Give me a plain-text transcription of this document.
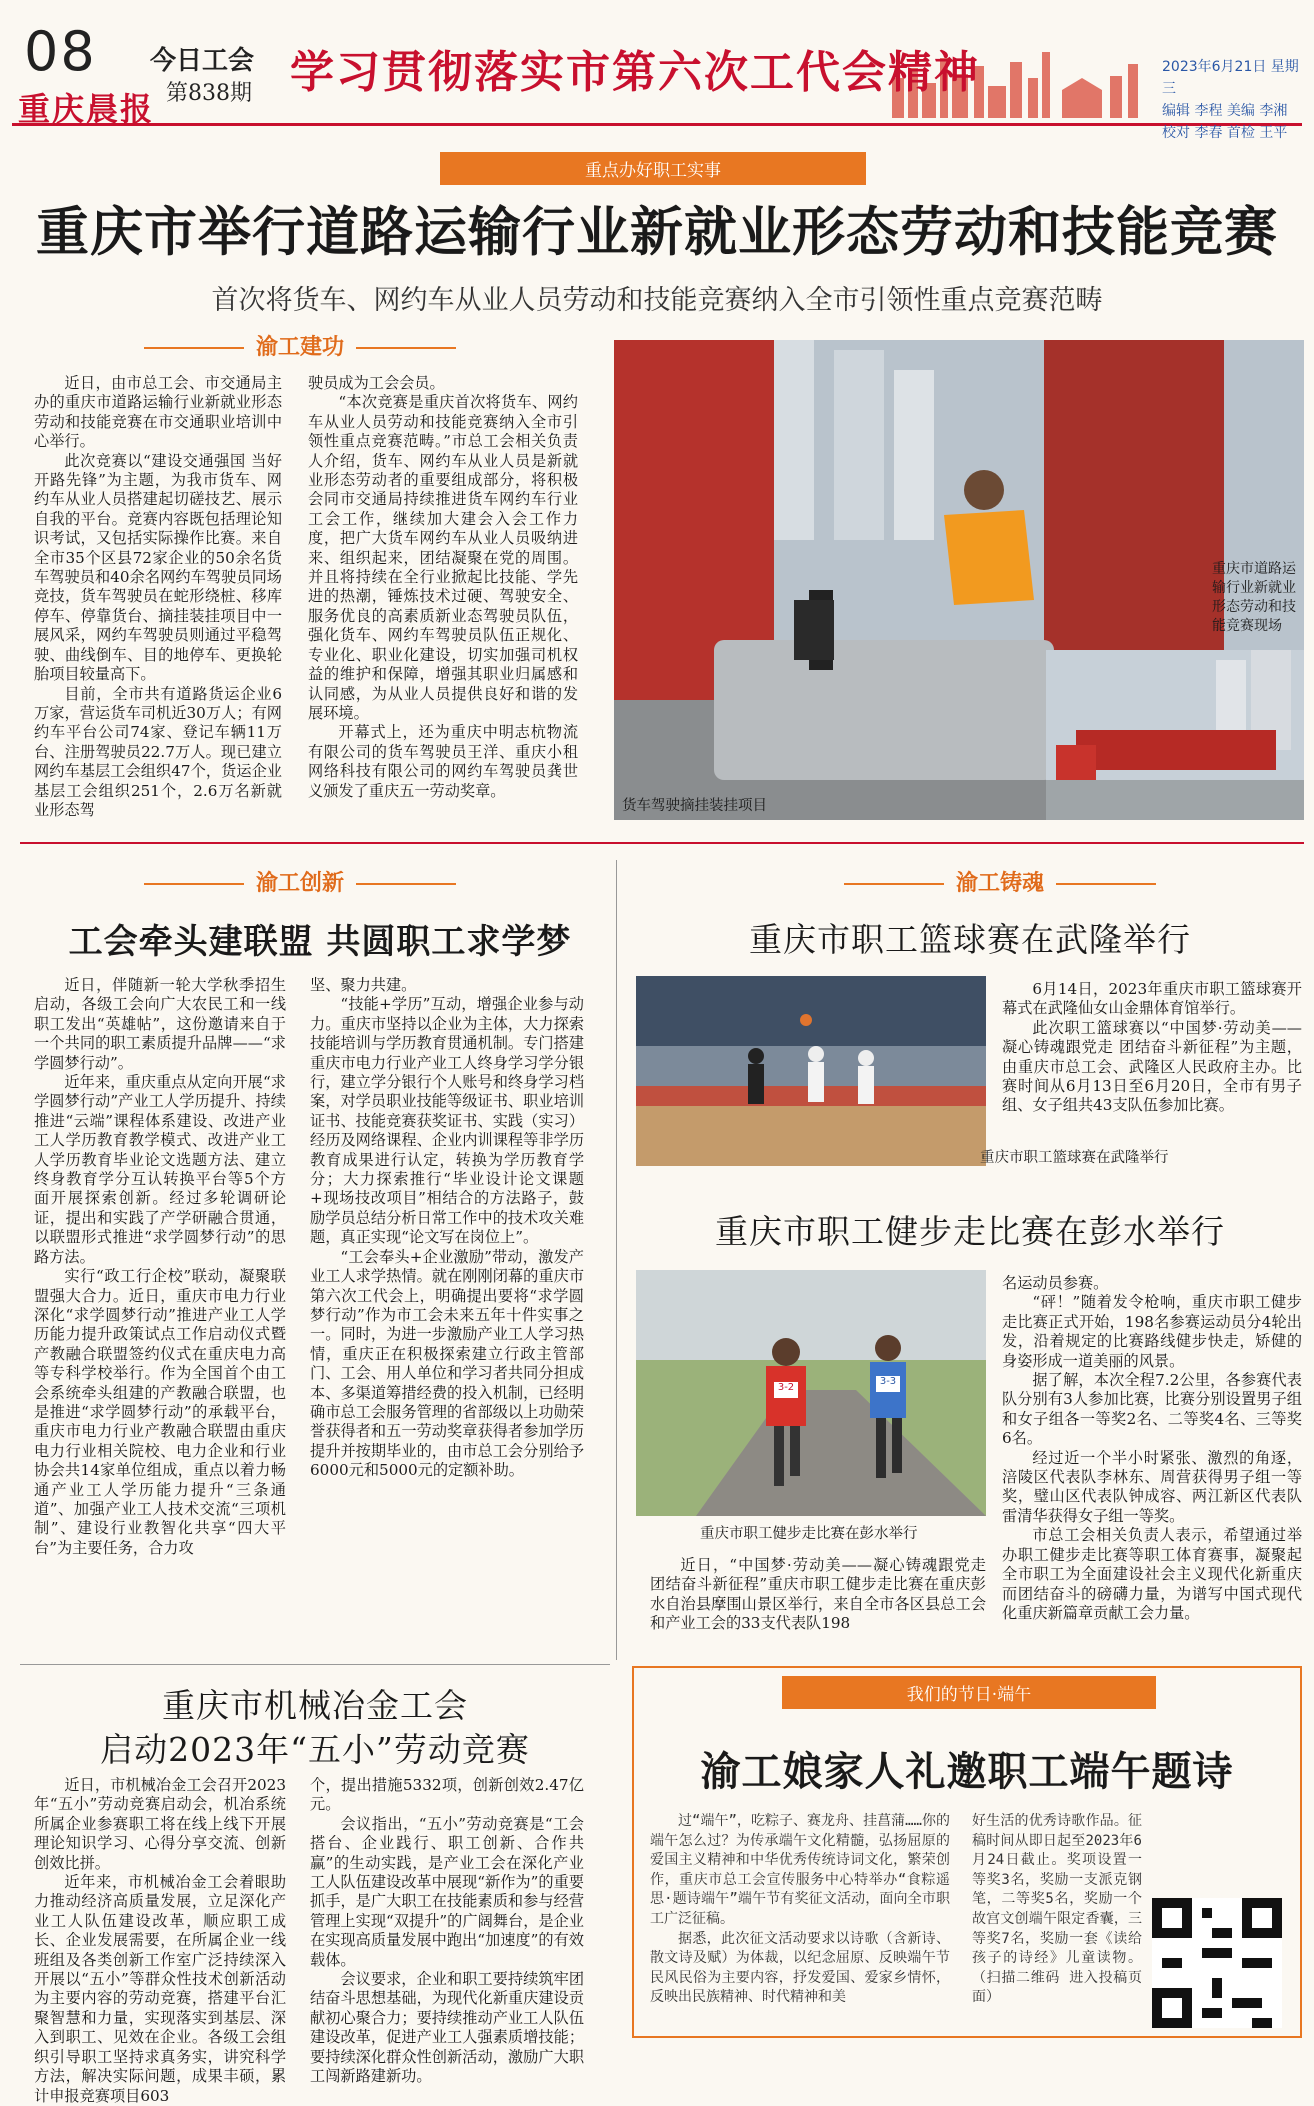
08
重庆晨报
今日工会
第838期 学习贯彻落实市第六次工代会精神	2023年6月21日 星期三
编辑 李程 美编 李湘
校对 李春 首检 王平
重点办好职工实事
重庆市举行道路运输行业新就业形态劳动和技能竞赛
首次将货车、网约车从业人员劳动和技能竞赛纳入全市引领性重点竞赛范畴
渝工建功

近日，由市总工会、市交通局主办的重庆市道路运输行业新就业形态劳动和技能竞赛在市交通职业培训中心举行。

此次竞赛以“建设交通强国 当好开路先锋”为主题，为我市货车、网约车从业人员搭建起切磋技艺、展示自我的平台。竞赛内容既包括理论知识考试，又包括实际操作比赛。来自全市35个区县72家企业的50余名货车驾驶员和40余名网约车驾驶员同场竞技，货车驾驶员在蛇形绕桩、移库停车、停靠货台、摘挂装挂项目中一展风采，网约车驾驶员则通过平稳驾驶、曲线倒车、目的地停车、更换轮胎项目较量高下。

目前，全市共有道路货运企业6万家，营运货车司机近30万人；有网约车平台公司74家、登记车辆11万台、注册驾驶员22.7万人。现已建立网约车基层工会组织47个，货运企业基层工会组织251个，2.6万名新就业形态驾

驶员成为工会会员。

“本次竞赛是重庆首次将货车、网约车从业人员劳动和技能竞赛纳入全市引领性重点竞赛范畴。”市总工会相关负责人介绍，货车、网约车从业人员是新就业形态劳动者的重要组成部分，将积极会同市交通局持续推进货车网约车行业工会工作，继续加大建会入会工作力度，把广大货车网约车从业人员吸纳进来、组织起来，团结凝聚在党的周围。并且将持续在全行业掀起比技能、学先进的热潮，锤炼技术过硬、驾驶安全、服务优良的高素质新业态驾驶员队伍，强化货车、网约车驾驶员队伍正规化、专业化、职业化建设，切实加强司机权益的维护和保障，增强其职业归属感和认同感，为从业人员提供良好和谐的发展环境。

开幕式上，还为重庆中明志杭物流有限公司的货车驾驶员王洋、重庆小租网络科技有限公司的网约车驾驶员龚世义颁发了重庆五一劳动奖章。

货车驾驶摘挂装挂项目
重庆市道路运输行业新就业形态劳动和技能竞赛现场
渝工创新
工会牵头建联盟 共圆职工求学梦

近日，伴随新一轮大学秋季招生启动，各级工会向广大农民工和一线职工发出“英雄帖”，这份邀请来自于一个共同的职工素质提升品牌——“求学圆梦行动”。

近年来，重庆重点从定向开展“求学圆梦行动”产业工人学历提升、持续推进“云端”课程体系建设、改进产业工人学历教育教学模式、改进产业工人学历教育毕业论文选题方法、建立终身教育学分互认转换平台等5个方面开展探索创新。经过多轮调研论证，提出和实践了产学研融合贯通，以联盟形式推进“求学圆梦行动”的思路方法。

实行“政工行企校”联动，凝聚联盟强大合力。近日，重庆市电力行业深化“求学圆梦行动”推进产业工人学历能力提升政策试点工作启动仪式暨产教融合联盟签约仪式在重庆电力高等专科学校举行。作为全国首个由工会系统牵头组建的产教融合联盟，也是推进“求学圆梦行动”的承载平台，重庆市电力行业产教融合联盟由重庆电力行业相关院校、电力企业和行业协会共14家单位组成，重点以着力畅通产业工人学历能力提升“三条通道”、加强产业工人技术交流“三项机制”、建设行业教智化共享“四大平台”为主要任务，合力攻

坚、聚力共建。

“技能+学历”互动，增强企业参与动力。重庆市坚持以企业为主体，大力探索技能培训与学历教育贯通机制。专门搭建重庆市电力行业产业工人终身学习学分银行，建立学分银行个人账号和终身学习档案，对学员职业技能等级证书、职业培训证书、技能竞赛获奖证书、实践（实习）经历及网络课程、企业内训课程等非学历教育成果进行认定，转换为学历教育学分；大力探索推行“毕业设计论文课题+现场技改项目”相结合的方法路子，鼓励学员总结分析日常工作中的技术攻关难题，真正实现“论文写在岗位上”。

“工会奉头+企业激励”带动，激发产业工人求学热情。就在刚刚闭幕的重庆市第六次工代会上，明确提出要将“求学圆梦行动”作为市工会未来五年十件实事之一。同时，为进一步激励产业工人学习热情，重庆正在积极探索建立行政主管部门、工会、用人单位和学习者共同分担成本、多渠道筹措经费的投入机制，已经明确市总工会服务管理的省部级以上功勋荣誉获得者和五一劳动奖章获得者参加学历提升并按期毕业的，由市总工会分别给予6000元和5000元的定额补助。

重庆市机械冶金工会
启动2023年“五小”劳动竞赛

近日，市机械冶金工会召开2023年“五小”劳动竞赛启动会，机冶系统所属企业参赛职工将在线上线下开展理论知识学习、心得分享交流、创新创效比拼。

近年来，市机械冶金工会着眼助力推动经济高质量发展，立足深化产业工人队伍建设改革，顺应职工成长、企业发展需要，在所属企业一线班组及各类创新工作室广泛持续深入开展以“五小”等群众性技术创新活动为主要内容的劳动竞赛，搭建平台汇聚智慧和力量，实现落实到基层、深入到职工、见效在企业。各级工会组织引导职工坚持求真务实，讲究科学方法，解决实际问题，成果丰硕，累计申报竞赛项目603

个，提出措施5332项，创新创效2.47亿元。

会议指出，“五小”劳动竞赛是“工会搭台、企业践行、职工创新、合作共赢”的生动实践，是产业工会在深化产业工人队伍建设改革中展现“新作为”的重要抓手，是广大职工在技能素质和参与经营管理上实现“双提升”的广阔舞台，是企业在实现高质量发展中跑出“加速度”的有效载体。

会议要求，企业和职工要持续筑牢团结奋斗思想基础，为现代化新重庆建设贡献初心聚合力；要持续推动产业工人队伍建设改革，促进产业工人强素质增技能；要持续深化群众性创新活动，激励广大职工闯新路建新功。

渝工铸魂
重庆市职工篮球赛在武隆举行
重庆市职工篮球赛在武隆举行

6月14日，2023年重庆市职工篮球赛开幕式在武隆仙女山金鼎体育馆举行。

此次职工篮球赛以“中国梦·劳动美——凝心铸魂跟党走 团结奋斗新征程”为主题，由重庆市总工会、武隆区人民政府主办。比赛时间从6月13日至6月20日，全市有男子组、女子组共43支队伍参加比赛。

重庆市职工健步走比赛在彭水举行
3-2
3-3
重庆市职工健步走比赛在彭水举行

名运动员参赛。

“砰！”随着发令枪响，重庆市职工健步走比赛正式开始，198名参赛运动员分4轮出发，沿着规定的比赛路线健步快走，矫健的身姿形成一道美丽的风景。

据了解，本次全程7.2公里，各参赛代表队分别有3人参加比赛，比赛分别设置男子组和女子组各一等奖2名、二等奖4名、三等奖6名。

经过近一个半小时紧张、激烈的角逐，涪陵区代表队李林东、周营获得男子组一等奖，璧山区代表队钟成容、两江新区代表队雷清华获得女子组一等奖。

市总工会相关负责人表示，希望通过举办职工健步走比赛等职工体育赛事，凝聚起全市职工为全面建设社会主义现代化新重庆而团结奋斗的磅礴力量，为谱写中国式现代化重庆新篇章贡献工会力量。

近日，“中国梦·劳动美——凝心铸魂跟党走 团结奋斗新征程”重庆市职工健步走比赛在重庆彭水自治县摩围山景区举行，来自全市各区县总工会和产业工会的33支代表队198

我们的节日·端午
渝工娘家人礼邀职工端午题诗

过“端午”，吃粽子、赛龙舟、挂菖蒲……你的端午怎么过？为传承端午文化精髓，弘扬屈原的爱国主义精神和中华优秀传统诗词文化，繁荣创作，重庆市总工会宣传服务中心特举办“食粽遥思·题诗端午”端午节有奖征文活动，面向全市职工广泛征稿。

据悉，此次征文活动要求以诗歌（含新诗、散文诗及赋）为体裁，以纪念屈原、反映端午节民风民俗为主要内容，抒发爱国、爱家乡情怀，反映出民族精神、时代精神和美

好生活的优秀诗歌作品。征稿时间从即日起至2023年6月24日截止。奖项设置一等奖3名，奖励一支派克钢笔，二等奖5名，奖励一个故宫文创端午限定香囊，三等奖7名，奖励一套《读给孩子的诗经》儿童读物。（扫描二维码 进入投稿页面）
